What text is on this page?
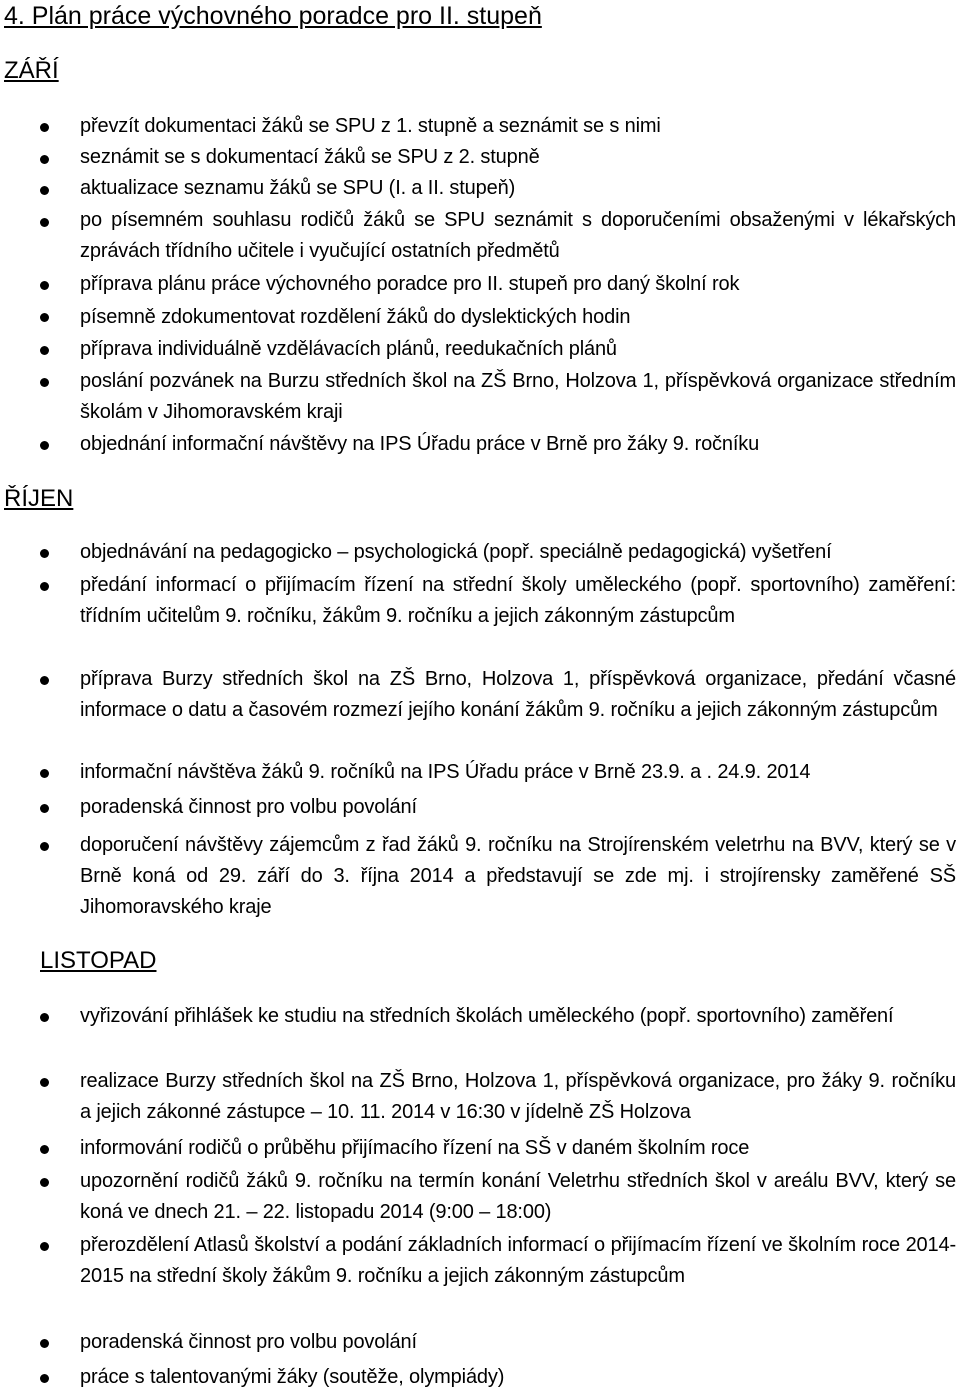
4. Plán práce výchovného poradce pro II. stupeň
ZÁŘÍ
převzít dokumentaci žáků se SPU z 1. stupně a seznámit se s nimi
seznámit se s dokumentací žáků se SPU z 2. stupně
aktualizace seznamu žáků se SPU (I. a II. stupeň)
po písemném souhlasu rodičů žáků se SPU seznámit s doporučeními obsaženými v lékařských zprávách třídního učitele i vyučující ostatních předmětů
příprava plánu práce výchovného poradce pro II. stupeň pro daný školní rok
písemně zdokumentovat rozdělení žáků do dyslektických hodin
příprava individuálně vzdělávacích plánů, reedukačních plánů
poslání pozvánek na Burzu středních škol na ZŠ Brno, Holzova 1, příspěvková organizace středním školám v Jihomoravském kraji
objednání informační návštěvy na IPS Úřadu práce v Brně pro žáky 9. ročníku
ŘÍJEN
objednávání na pedagogicko – psychologická (popř. speciálně pedagogická) vyšetření
předání informací o přijímacím řízení na střední školy uměleckého (popř. sportovního) zaměření: třídním učitelům 9. ročníku, žákům 9. ročníku a jejich zákonným zástupcům
příprava Burzy středních škol na ZŠ Brno, Holzova 1, příspěvková organizace, předání včasné informace o datu a časovém rozmezí jejího konání žákům 9. ročníku a jejich zákonným zástupcům
informační návštěva žáků 9. ročníků na IPS Úřadu práce v Brně 23.9. a . 24.9. 2014
poradenská činnost pro volbu povolání
doporučení návštěvy zájemcům z řad žáků 9. ročníku na Strojírenském veletrhu na BVV, který se v Brně koná od 29. září do 3. října 2014 a představují se zde mj. i strojírensky zaměřené SŠ Jihomoravského kraje
LISTOPAD
vyřizování přihlášek ke studiu na středních školách uměleckého (popř. sportovního) zaměření
realizace Burzy středních škol na ZŠ Brno, Holzova 1, příspěvková organizace, pro žáky 9. ročníku a jejich zákonné zástupce – 10. 11. 2014 v 16:30 v jídelně ZŠ Holzova
informování rodičů o průběhu přijímacího řízení na SŠ v daném školním roce
upozornění rodičů žáků 9. ročníku na termín konání Veletrhu středních škol v areálu BVV, který se koná ve dnech 21. – 22. listopadu 2014 (9:00 – 18:00)
přerozdělení Atlasů školství a podání základních informací o přijímacím řízení ve školním roce 2014-2015 na střední školy žákům 9. ročníku a jejich zákonným zástupcům
poradenská činnost pro volbu povolání
práce s talentovanými žáky (soutěže, olympiády)
